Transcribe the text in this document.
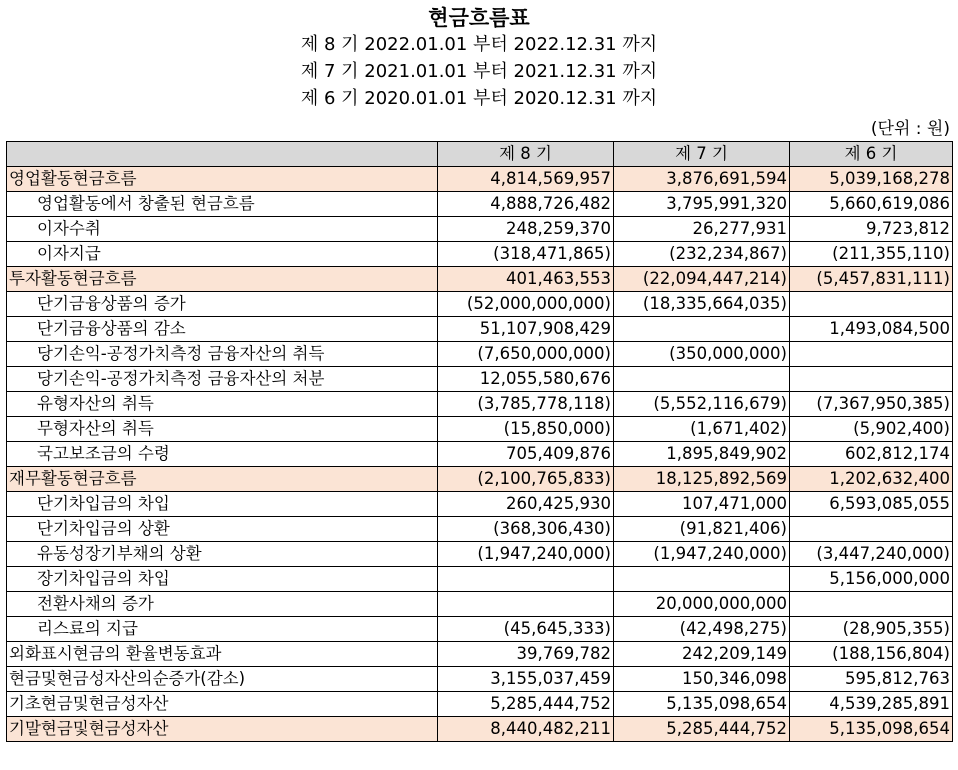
현금흐름표
제 8 기 2022.01.01 부터 2022.12.31 까지
제 7 기 2021.01.01 부터 2021.12.31 까지
제 6 기 2020.01.01 부터 2020.12.31 까지
(단위 : 원)
	제 8 기	제 7 기	제 6 기
영업활동현금흐름	4,814,569,957	3,876,691,594	5,039,168,278
영업활동에서 창출된 현금흐름	4,888,726,482	3,795,991,320	5,660,619,086
이자수취	248,259,370	26,277,931	9,723,812
이자지급	(318,471,865)	(232,234,867)	(211,355,110)
투자활동현금흐름	401,463,553	(22,094,447,214)	(5,457,831,111)
단기금융상품의 증가	(52,000,000,000)	(18,335,664,035)	
단기금융상품의 감소	51,107,908,429		1,493,084,500
당기손익-공정가치측정 금융자산의 취득	(7,650,000,000)	(350,000,000)	
당기손익-공정가치측정 금융자산의 처분	12,055,580,676		
유형자산의 취득	(3,785,778,118)	(5,552,116,679)	(7,367,950,385)
무형자산의 취득	(15,850,000)	(1,671,402)	(5,902,400)
국고보조금의 수령	705,409,876	1,895,849,902	602,812,174
재무활동현금흐름	(2,100,765,833)	18,125,892,569	1,202,632,400
단기차입금의 차입	260,425,930	107,471,000	6,593,085,055
단기차입금의 상환	(368,306,430)	(91,821,406)	
유동성장기부채의 상환	(1,947,240,000)	(1,947,240,000)	(3,447,240,000)
장기차입금의 차입			5,156,000,000
전환사채의 증가		20,000,000,000	
리스료의 지급	(45,645,333)	(42,498,275)	(28,905,355)
외화표시현금의 환율변동효과	39,769,782	242,209,149	(188,156,804)
현금및현금성자산의순증가(감소)	3,155,037,459	150,346,098	595,812,763
기초현금및현금성자산	5,285,444,752	5,135,098,654	4,539,285,891
기말현금및현금성자산	8,440,482,211	5,285,444,752	5,135,098,654
